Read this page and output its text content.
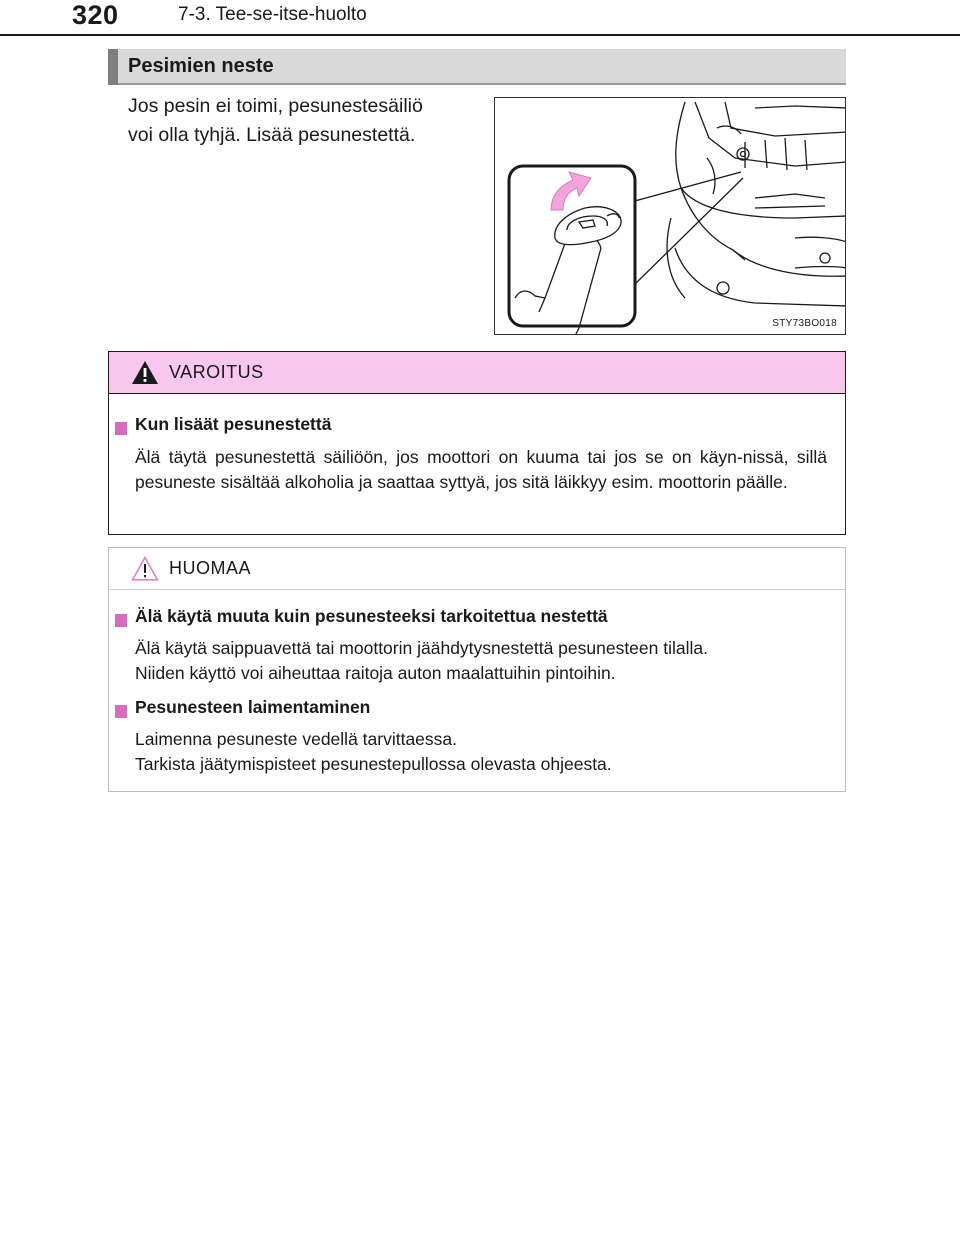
320	7-3. Tee-se-itse-huolto
Pesimien neste
Jos pesin ei toimi, pesunestesäiliö
voi olla tyhjä. Lisää pesunestettä.
STY73BO018
VAROITUS
Kun lisäät pesunestettä
Älä täytä pesunestettä säiliöön, jos moottori on kuuma tai jos se on käyn-nissä, sillä pesuneste sisältää alkoholia ja saattaa syttyä, jos sitä läikkyy esim. moottorin päälle.
HUOMAA
Älä käytä muuta kuin pesunesteeksi tarkoitettua nestettä
Älä käytä saippuavettä tai moottorin jäähdytysnestettä pesunesteen tilalla.
Niiden käyttö voi aiheuttaa raitoja auton maalattuihin pintoihin.
Pesunesteen laimentaminen
Laimenna pesuneste vedellä tarvittaessa.
Tarkista jäätymispisteet pesunestepullossa olevasta ohjeesta.
